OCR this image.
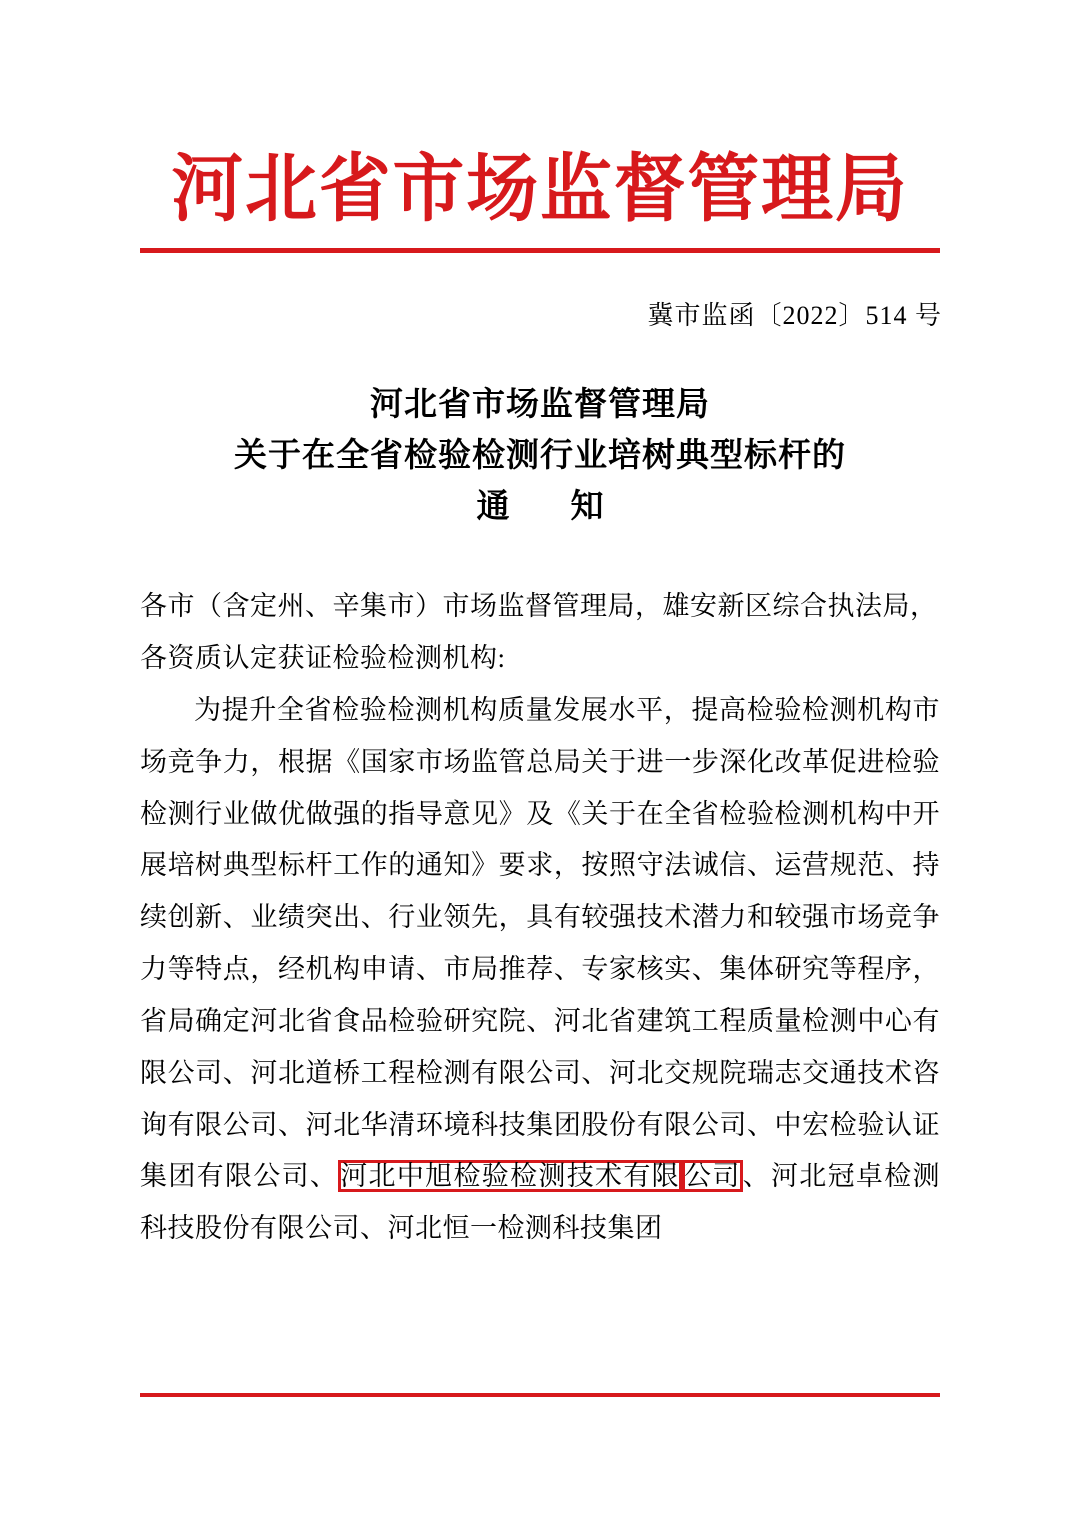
河北省市场监督管理局
冀市监函〔2022〕514 号
河北省市场监督管理局
关于在全省检验检测行业培树典型标杆的
通　知

各市（含定州、辛集市）市场监督管理局，雄安新区综合执法局，

各资质认定获证检验检测机构:

为提升全省检验检测机构质量发展水平，提高检验检测机构市场竞争力，根据《国家市场监管总局关于进一步深化改革促进检验检测行业做优做强的指导意见》及《关于在全省检验检测机构中开展培树典型标杆工作的通知》要求，按照守法诚信、运营规范、持续创新、业绩突出、行业领先，具有较强技术潜力和较强市场竞争力等特点，经机构申请、市局推荐、专家核实、集体研究等程序，省局确定河北省食品检验研究院、河北省建筑工程质量检测中心有限公司、河北道桥工程检测有限公司、河北交规院瑞志交通技术咨询有限公司、河北华清环境科技集团股份有限公司、中宏检验认证集团有限公司、河北中旭检验检测技术有限 公司、河北冠卓检测科技股份有限公司、河北恒一检测科技集团
